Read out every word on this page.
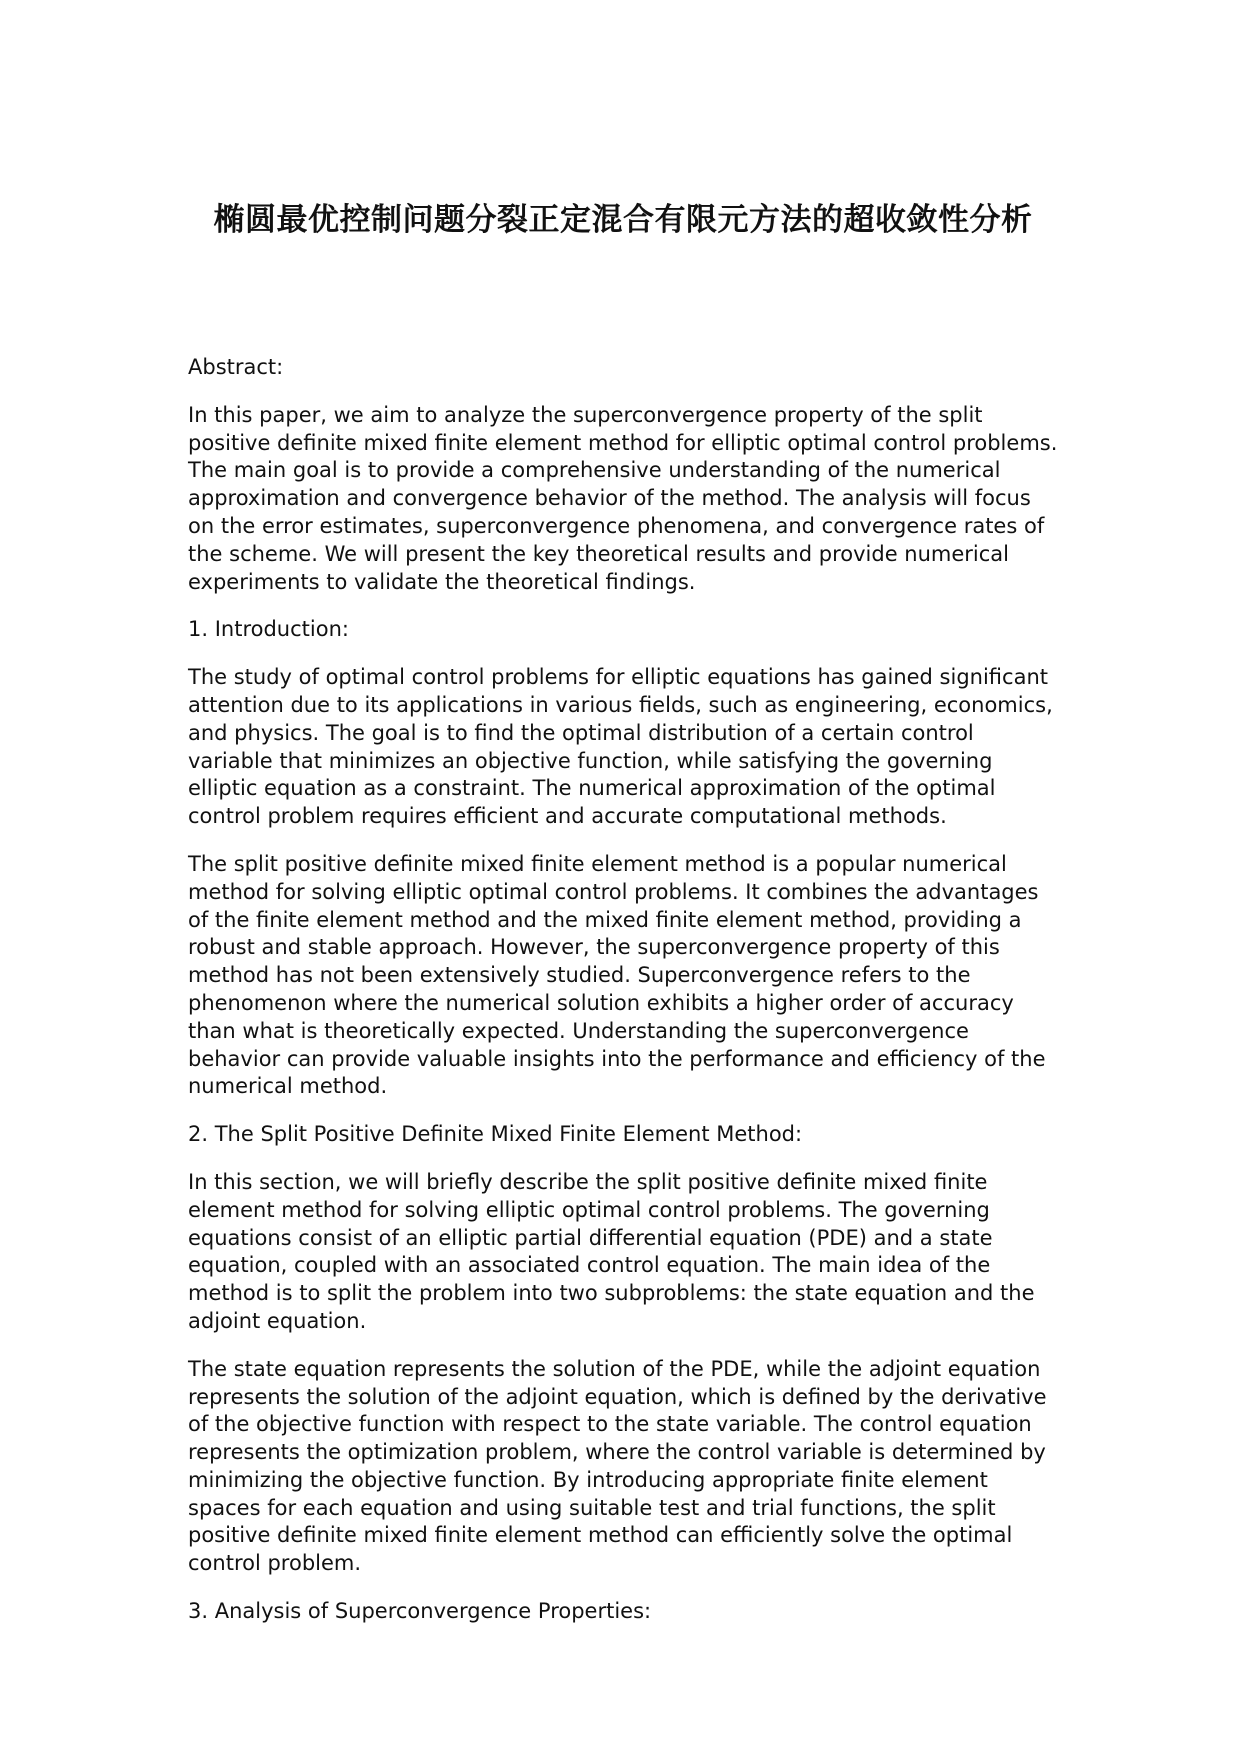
椭圆最优控制问题分裂正定混合有限元方法的超收敛性分析

Abstract:

In this paper, we aim to analyze the superconvergence property of the split positive definite mixed finite element method for elliptic optimal control problems. The main goal is to provide a comprehensive understanding of the numerical approximation and convergence behavior of the method. The analysis will focus on the error estimates, superconvergence phenomena, and convergence rates of the scheme. We will present the key theoretical results and provide numerical experiments to validate the theoretical findings.

1. Introduction:

The study of optimal control problems for elliptic equations has gained significant attention due to its applications in various fields, such as engineering, economics, and physics. The goal is to find the optimal distribution of a certain control variable that minimizes an objective function, while satisfying the governing elliptic equation as a constraint. The numerical approximation of the optimal control problem requires efficient and accurate computational methods.

The split positive definite mixed finite element method is a popular numerical method for solving elliptic optimal control problems. It combines the advantages of the finite element method and the mixed finite element method, providing a robust and stable approach. However, the superconvergence property of this method has not been extensively studied. Superconvergence refers to the phenomenon where the numerical solution exhibits a higher order of accuracy than what is theoretically expected. Understanding the superconvergence behavior can provide valuable insights into the performance and efficiency of the numerical method.

2. The Split Positive Definite Mixed Finite Element Method:

In this section, we will briefly describe the split positive definite mixed finite element method for solving elliptic optimal control problems. The governing equations consist of an elliptic partial differential equation (PDE) and a state equation, coupled with an associated control equation. The main idea of the method is to split the problem into two subproblems: the state equation and the adjoint equation.

The state equation represents the solution of the PDE, while the adjoint equation represents the solution of the adjoint equation, which is defined by the derivative of the objective function with respect to the state variable. The control equation represents the optimization problem, where the control variable is determined by minimizing the objective function. By introducing appropriate finite element spaces for each equation and using suitable test and trial functions, the split positive definite mixed finite element method can efficiently solve the optimal control problem.

3. Analysis of Superconvergence Properties:
